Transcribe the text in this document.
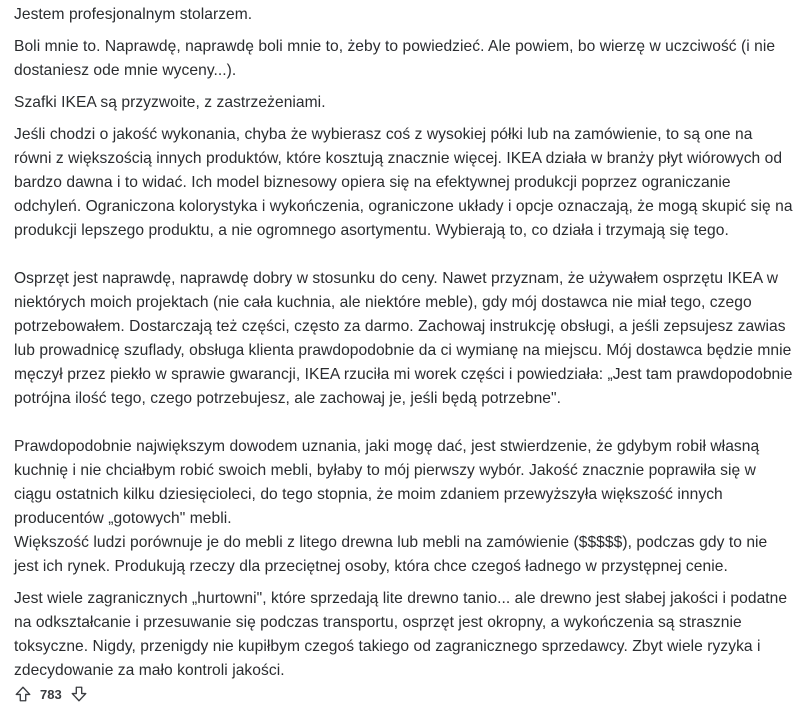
Jestem profesjonalnym stolarzem.

Boli mnie to. Naprawdę, naprawdę boli mnie to, żeby to powiedzieć. Ale powiem, bo wierzę w uczciwość (i nie dostaniesz ode mnie wyceny...).

Szafki IKEA są przyzwoite, z zastrzeżeniami.

Jeśli chodzi o jakość wykonania, chyba że wybierasz coś z wysokiej półki lub na zamówienie, to są one na równi z większością innych produktów, które kosztują znacznie więcej. IKEA działa w branży płyt wiórowych od bardzo dawna i to widać. Ich model biznesowy opiera się na efektywnej produkcji poprzez ograniczanie odchyleń. Ograniczona kolorystyka i wykończenia, ograniczone układy i opcje oznaczają, że mogą skupić się na produkcji lepszego produktu, a nie ogromnego asortymentu. Wybierają to, co działa i trzymają się tego.

Osprzęt jest naprawdę, naprawdę dobry w stosunku do ceny. Nawet przyznam, że używałem osprzętu IKEA w niektórych moich projektach (nie cała kuchnia, ale niektóre meble), gdy mój dostawca nie miał tego, czego potrzebowałem. Dostarczają też części, często za darmo. Zachowaj instrukcję obsługi, a jeśli zepsujesz zawias lub prowadnicę szuflady, obsługa klienta prawdopodobnie da ci wymianę na miejscu. Mój dostawca będzie mnie męczył przez piekło w sprawie gwarancji, IKEA rzuciła mi worek części i powiedziała: „Jest tam prawdopodobnie potrójna ilość tego, czego potrzebujesz, ale zachowaj je, jeśli będą potrzebne".

Prawdopodobnie największym dowodem uznania, jaki mogę dać, jest stwierdzenie, że gdybym robił własną kuchnię i nie chciałbym robić swoich mebli, byłaby to mój pierwszy wybór. Jakość znacznie poprawiła się w ciągu ostatnich kilku dziesięcioleci, do tego stopnia, że moim zdaniem przewyższyła większość innych producentów „gotowych" mebli.

Większość ludzi porównuje je do mebli z litego drewna lub mebli na zamówienie ($$$$$), podczas gdy to nie jest ich rynek. Produkują rzeczy dla przeciętnej osoby, która chce czegoś ładnego w przystępnej cenie.

Jest wiele zagranicznych „hurtowni", które sprzedają lite drewno tanio... ale drewno jest słabej jakości i podatne na odkształcanie i przesuwanie się podczas transportu, osprzęt jest okropny, a wykończenia są strasznie toksyczne. Nigdy, przenigdy nie kupiłbym czegoś takiego od zagranicznego sprzedawcy. Zbyt wiele ryzyka i zdecydowanie za mało kontroli jakości.

783
